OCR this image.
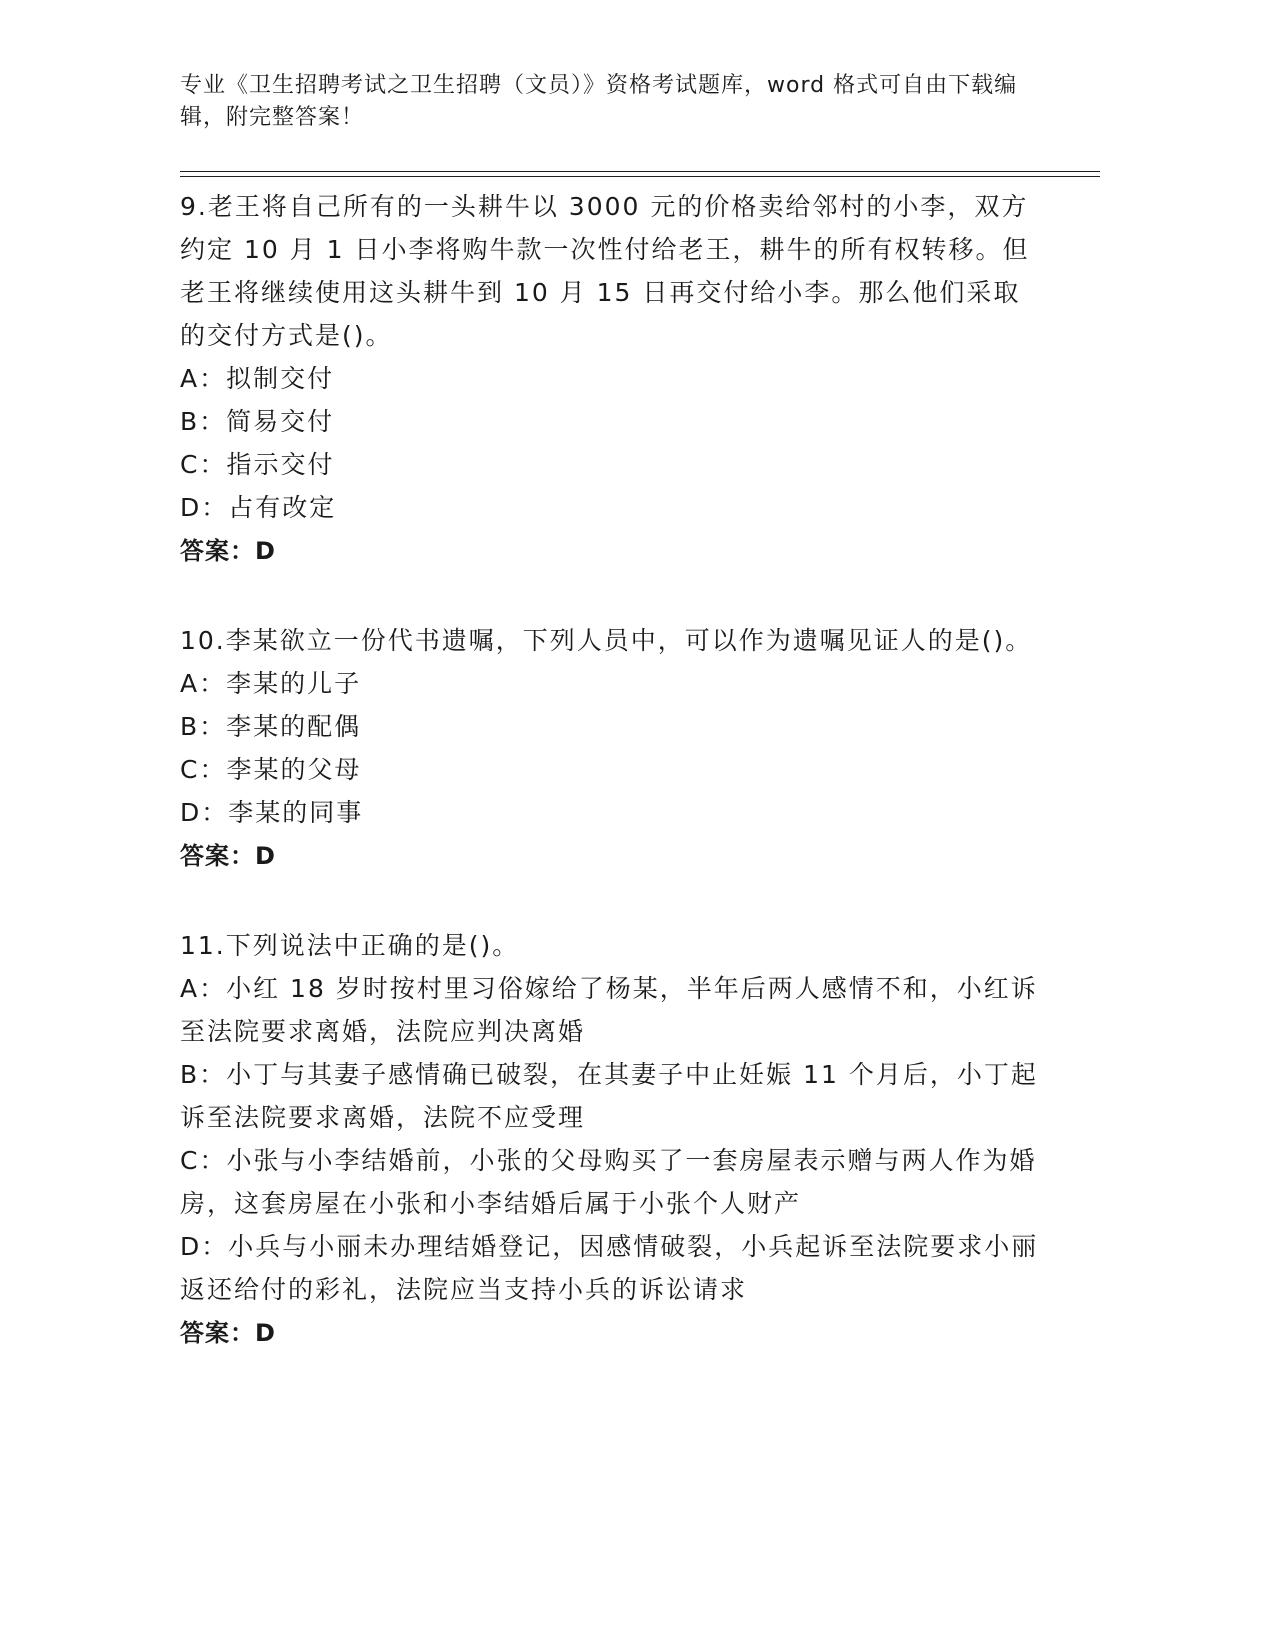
专业《卫生招聘考试之卫生招聘（文员）》资格考试题库，word 格式可自由下载编辑，附完整答案！

9.老王将自己所有的一头耕牛以 3000 元的价格卖给邻村的小李，双方约定 10 月 1 日小李将购牛款一次性付给老王，耕牛的所有权转移。但老王将继续使用这头耕牛到 10 月 15 日再交付给小李。那么他们采取的交付方式是()。

A：拟制交付

B：简易交付

C：指示交付

D：占有改定

答案：D

10.李某欲立一份代书遗嘱，下列人员中，可以作为遗嘱见证人的是()。

A：李某的儿子

B：李某的配偶

C：李某的父母

D：李某的同事

答案：D

11.下列说法中正确的是()。

A：小红 18 岁时按村里习俗嫁给了杨某，半年后两人感情不和，小红诉至法院要求离婚，法院应判决离婚

B：小丁与其妻子感情确已破裂，在其妻子中止妊娠 11 个月后，小丁起诉至法院要求离婚，法院不应受理

C：小张与小李结婚前，小张的父母购买了一套房屋表示赠与两人作为婚房，这套房屋在小张和小李结婚后属于小张个人财产

D：小兵与小丽未办理结婚登记，因感情破裂，小兵起诉至法院要求小丽返还给付的彩礼，法院应当支持小兵的诉讼请求

答案：D
